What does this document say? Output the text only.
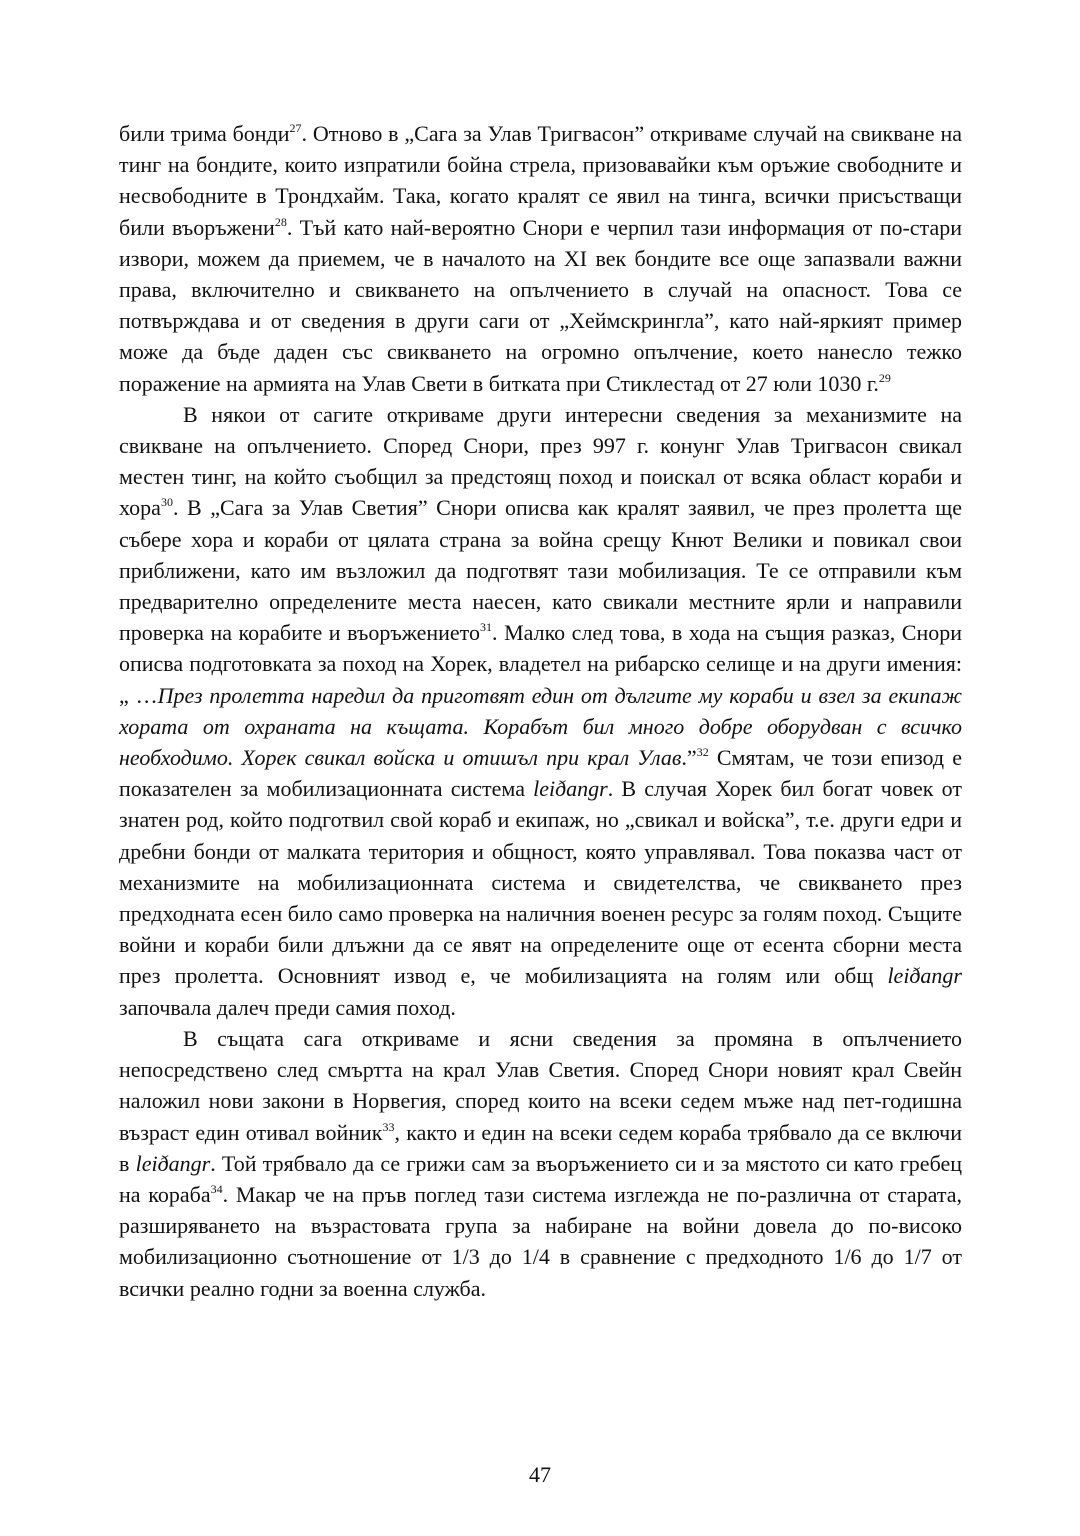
били трима бонди$^{27}$. Отново в „Сага за Улав Тригвасон” откриваме случай на свикване на тинг на бондите, които изпратили бойна стрела, призовавайки към оръжие свободните и несвободните в Трондхайм. Така, когато кралят се явил на тинга, всички присъстващи били въоръжени$^{28}$. Тъй като най-вероятно Снори е черпил тази информация от по-стари извори, можем да приемем, че в началото на XI век бондите все още запазвали важни права, включително и свикването на опълчението в случай на опасност. Това се потвърждава и от сведения в други саги от „Хеймскрингла”, като най-яркият пример може да бъде даден със свикването на огромно опълчение, което нанесло тежко поражение на армията на Улав Свети в битката при Стиклестад от 27 юли 1030 г.$^{29}$

В някои от сагите откриваме други интересни сведения за механизмите на свикване на опълчението. Според Снори, през 997 г. конунг Улав Тригвасон свикал местен тинг, на който съобщил за предстоящ поход и поискал от всяка област кораби и хора$^{30}$. В „Сага за Улав Светия” Снори описва как кралят заявил, че през пролетта ще събере хора и кораби от цялата страна за война срещу Кнют Велики и повикал свои приближени, като им възложил да подготвят тази мобилизация. Те се отправили към предварително определените места наесен, като свикали местните ярли и направили проверка на корабите и въоръжението$^{31}$. Малко след това, в хода на същия разказ, Снори описва подготовката за поход на Хорек, владетел на рибарско селище и на други имения: „ …През пролетта наредил да приготвят един от дългите му кораби и взел за екипаж хората от охраната на къщата. Корабът бил много добре оборудван с всичко необходимо. Хорек свикал войска и отишъл при крал Улав.”$^{32}$ Смятам, че този епизод е показателен за мобилизационната система leiðangr. В случая Хорек бил богат човек от знатен род, който подготвил свой кораб и екипаж, но „свикал и войска”, т.е. други едри и дребни бонди от малката територия и общност, която управлявал. Това показва част от механизмите на мобилизационната система и свидетелства, че свикването през предходната есен било само проверка на наличния военен ресурс за голям поход. Същите войни и кораби били длъжни да се явят на определените още от есента сборни места през пролетта. Основният извод е, че мобилизацията на голям или общ leiðangr започвала далеч преди самия поход.

В същата сага откриваме и ясни сведения за промяна в опълчението непосредствено след смъртта на крал Улав Светия. Според Снори новият крал Свейн наложил нови закони в Норвегия, според които на всеки седем мъже над пет-годишна възраст един отивал войник$^{33}$, както и един на всеки седем кораба трябвало да се включи в leiðangr. Той трябвало да се грижи сам за въоръжението си и за мястото си като гребец на кораба$^{34}$. Макар че на пръв поглед тази система изглежда не по-различна от старата, разширяването на възрастовата група за набиране на войни довела до по-високо мобилизационно съотношение от 1/3 до 1/4 в сравнение с предходното 1/6 до 1/7 от всички реално годни за военна служба.

47
